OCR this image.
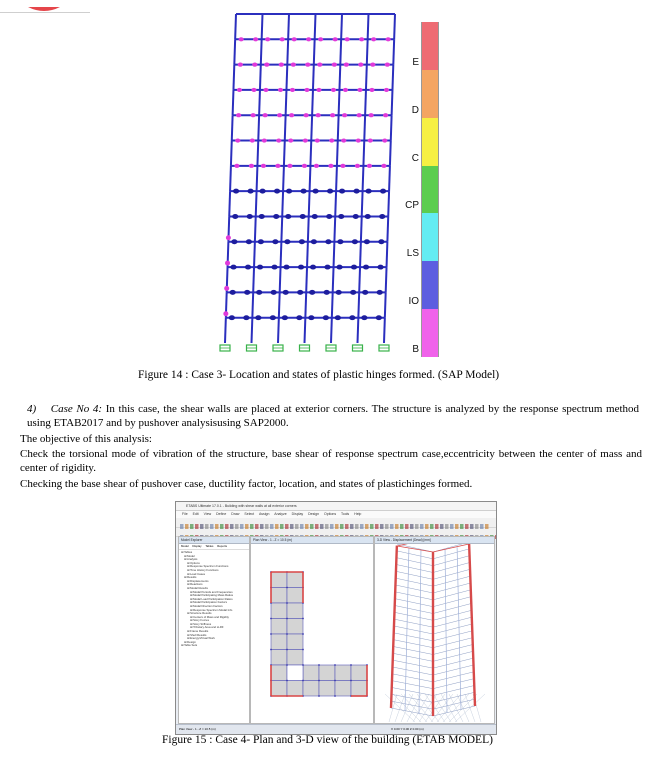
E
D
C
CP
LS
IO
B
Figure 14 : Case 3- Location and states of plastic hinges formed. (SAP Model)
4) Case No 4: In this case, the shear walls are placed at exterior corners. The structure is analyzed by the response spectrum method using ETAB2017 and by pushover analysisusing SAP2000.
The objective of this analysis:
Check the torsional mode of vibration of the structure, base shear of response spectrum case,eccentricity between the center of mass and center of rigidity.
Checking the base shear of pushover case, ductility factor, location, and states of plastichinges formed.
ETABS Ultimate 17.0.1 - Building with shear walls at all exterior corners
File Edit View Define Draw Select Assign Analyze Display Design Options Tools Help
Model Explorer
Model Display Tables Reports
⊞ Tables
⊞ Model
⊞ Analysis
⊞ Options
⊞ Response Spectrum Functions
⊞ Time History Functions
⊞ Load Cases
⊞ Results
⊞ Displacements
⊞ Reactions
⊞ Modal Results
⊞ Modal Periods and Frequencies
⊞ Modal Participating Mass Ratios
⊞ Modal Load Participation Ratios
⊞ Modal Participation Factors
⊞ Modal Direction Factors
⊞ Response Spectrum Modal Info
⊞ Structure Results
⊞ Centers of Mass and Rigidity
⊞ Story Forces
⊞ Story Stiffness
⊞ Tributary Area and LLRF
⊞ Frame Results
⊞ Shell Results
⊞ Energy/Virtual Work
⊞ Design
⊞ Table Sets
Plan View - 1 - Z = 10.5 (m)	3-D View - Displacement (Dead) [mm]
Plan View - 1 - Z = 10.5 (m)	X 0.00 Y 0.00 Z 0.00 (m)
Figure 15 : Case 4- Plan and 3-D view of the building (ETAB MODEL)
